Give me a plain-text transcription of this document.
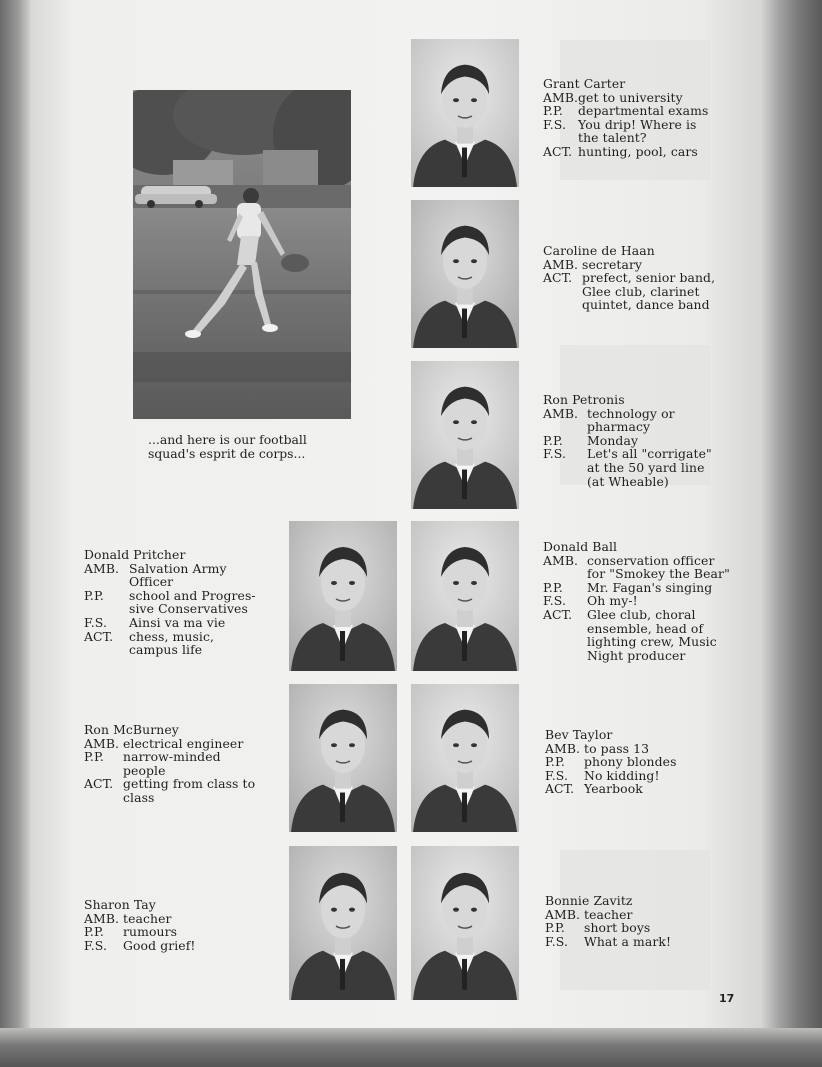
...and here is our football
squad's esprit de corps...
Grant Carter
AMB. get to university
P.P.	departmental exams
F.S. You drip! Where is
the talent?
ACT. hunting, pool, cars
Caroline de Haan
AMB. secretary
ACT. prefect, senior band,
Glee club, clarinet
quintet, dance band
Ron Petronis
AMB. technology or
pharmacy
P.P.	Monday
F.S.	Let's all "corrigate"
at the 50 yard line
(at Wheable)
Donald Pritcher
AMB. Salvation Army
Officer
P.P.	school and Progres-
sive Conservatives
F.S.	Ainsi va ma vie
ACT.	chess, music,
campus life
Donald Ball
AMB. conservation officer
for "Smokey the Bear"
P.P.	Mr. Fagan's singing
F.S.	Oh my-!
ACT.	Glee club, choral
ensemble, head of
lighting crew, Music
Night producer
Ron McBurney
AMB. electrical engineer
P.P.	narrow-minded
people
ACT. getting from class to
class
Bev Taylor
AMB. to pass 13
P.P.	phony blondes
F.S.	No kidding!
ACT. Yearbook
Sharon Tay
AMB. teacher
P.P.	rumours
F.S.	Good grief!
Bonnie Zavitz
AMB. teacher
P.P.	short boys
F.S.	What a mark!
17
